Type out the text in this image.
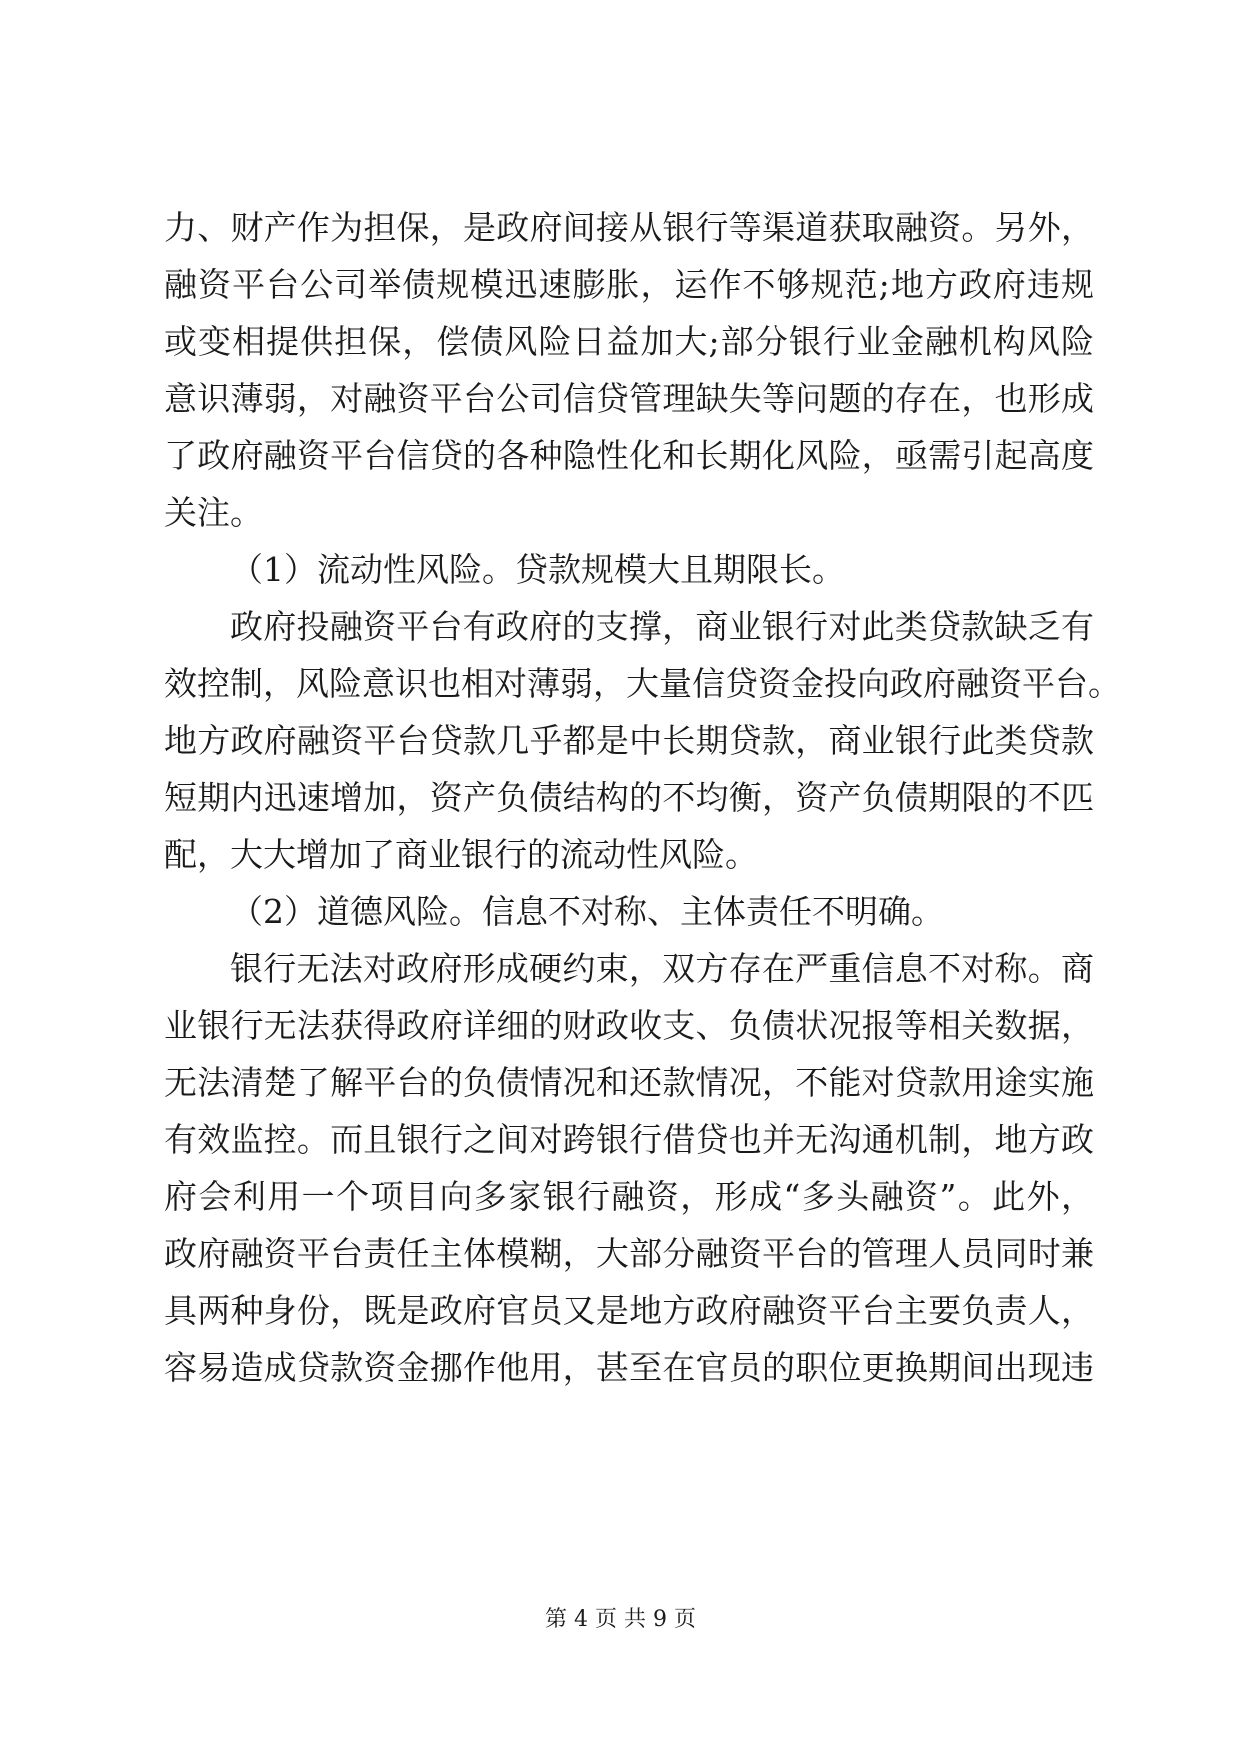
力、财产作为担保，是政府间接从银行等渠道获取融资。另外，
融资平台公司举债规模迅速膨胀，运作不够规范;地方政府违规
或变相提供担保，偿债风险日益加大;部分银行业金融机构风险
意识薄弱，对融资平台公司信贷管理缺失等问题的存在，也形成
了政府融资平台信贷的各种隐性化和长期化风险，亟需引起高度
关注。
（1）流动性风险。贷款规模大且期限长。
政府投融资平台有政府的支撑，商业银行对此类贷款缺乏有
效控制，风险意识也相对薄弱，大量信贷资金投向政府融资平台。
地方政府融资平台贷款几乎都是中长期贷款，商业银行此类贷款
短期内迅速增加，资产负债结构的不均衡，资产负债期限的不匹
配，大大增加了商业银行的流动性风险。
（2）道德风险。信息不对称、主体责任不明确。
银行无法对政府形成硬约束，双方存在严重信息不对称。商
业银行无法获得政府详细的财政收支、负债状况报等相关数据，
无法清楚了解平台的负债情况和还款情况，不能对贷款用途实施
有效监控。而且银行之间对跨银行借贷也并无沟通机制，地方政
府会利用一个项目向多家银行融资，形成“多头融资”。此外，
政府融资平台责任主体模糊，大部分融资平台的管理人员同时兼
具两种身份，既是政府官员又是地方政府融资平台主要负责人，
容易造成贷款资金挪作他用，甚至在官员的职位更换期间出现违
第 4 页 共 9 页
